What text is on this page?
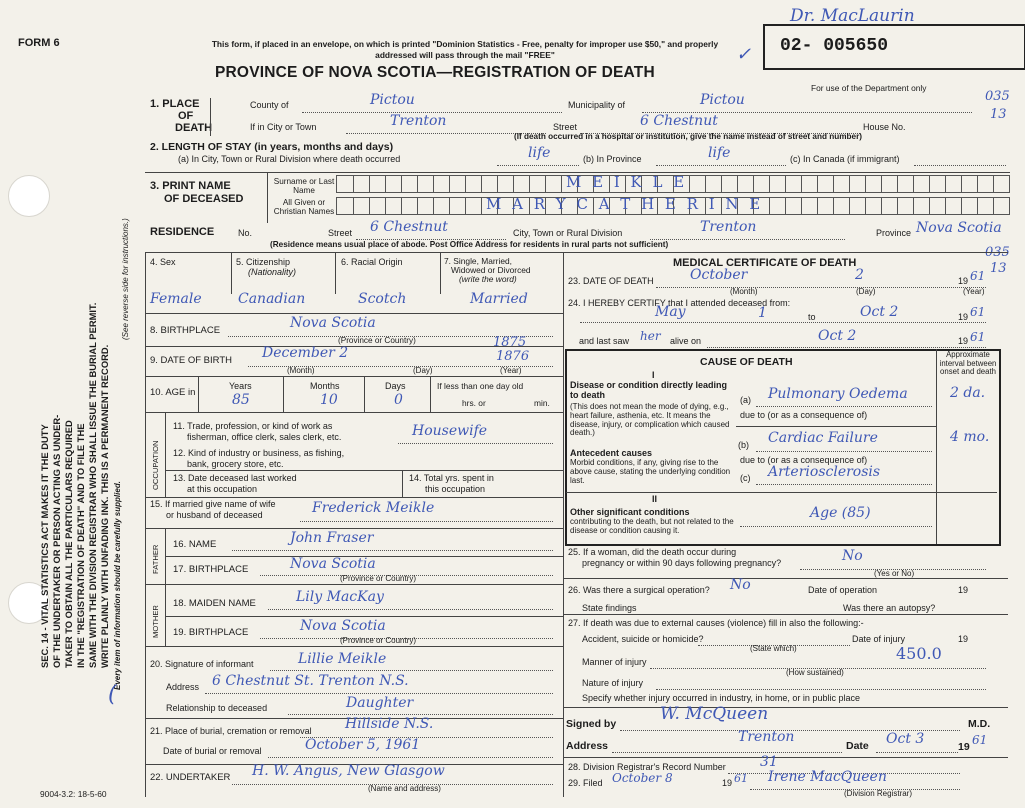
FORM 6	This form, if placed in an envelope, on which is printed "Dominion Statistics - Free, penalty for improper use $50," and properly addressed will pass through the mail "FREE"
PROVINCE OF NOVA SCOTIA—REGISTRATION OF DEATH
02- 005650
For use of the Department only
Dr. MacLaurin
035
13
035
13
✓
SEC. 14 - VITAL STATISTICS ACT MAKES IT THE DUTY OF THE UNDERTAKER OR PERSON ACTING AS UNDER- TAKER TO OBTAIN ALL THE PARTICULARS REQUIRED IN THE "REGISTRATION OF DEATH" AND TO FILE THE SAME WITH THE DIVISION REGISTRAR WHO SHALL ISSUE THE BURIAL PERMIT. WRITE PLAINLY WITH UNFADING INK. THIS IS A PERMANENT RECORD. Every item of information should be carefully supplied.
(See reverse side for instructions.)
(
1. PLACE
OF
DEATH
County of	Pictou	Municipality of	Pictou
If in City or Town	Trenton	Street	6 Chestnut	House No.
(If death occurred in a hospital or institution, give the name instead of street and number)
2. LENGTH OF STAY (in years, months and days)
(a) In City, Town or Rural Division where death occurred	life	(b) In Province	life	(c) In Canada (if immigrant)
3. PRINT NAME
OF DECEASED
Surname or Last Name
All Given or Christian Names
M E I K L E
M A R Y C A T H E R I N E
RESIDENCE	No.	Street 6 Chestnut	City, Town or Rural Division	Trenton	Province Nova Scotia
(Residence means usual place of abode. Post Office Address for residents in rural parts not sufficient)
4. Sex	5. Citizenship
(Nationality)
6. Racial Origin	7. Single, Married,
Widowed or Divorced
(write the word)
Female	Canadian	Scotch	Married
8. BIRTHPLACE	Nova Scotia
(Province or Country)
9. DATE OF BIRTH December 2
1875
1876
(Month)	(Day)	(Year)
10. AGE in
Years	Months	Days	If less than one day old
85	10	0	hrs. or	min.
OCCUPATION
11. Trade, profession, or kind of work as
fisherman, office clerk, sales clerk, etc.	Housewife
12. Kind of industry or business, as fishing,
bank, grocery store, etc.
13. Date deceased last worked
at this occupation
14. Total yrs. spent in
this occupation
15. If married give name of wife
or husband of deceased	Frederick Meikle
FATHER
16. NAME	John Fraser
17. BIRTHPLACE	Nova Scotia
(Province or Country)
MOTHER
18. MAIDEN NAME	Lily MacKay
19. BIRTHPLACE	Nova Scotia
(Province or Country)
20. Signature of informant	Lillie Meikle
Address 6 Chestnut St. Trenton N.S.
Relationship to deceased	Daughter
21. Place of burial, cremation or removal Hillside N.S.
Date of burial or removal	October 5, 1961
22. UNDERTAKER H. W. Angus, New Glasgow
(Name and address)
9004-3.2: 18-5-60
MEDICAL CERTIFICATE OF DEATH
23. DATE OF DEATH	October	2	19 61
(Month)	(Day)	(Year)
24. I HEREBY CERTIFY that I attended deceased from:
May	1	to	Oct 2	19 61
and last saw her alive on	Oct 2	19 61
CAUSE OF DEATH
Approximate interval between onset and death
I
Disease or condition directly leading to death
(This does not mean the mode of dying, e.g., heart failure, asthenia, etc. It means the disease, injury, or complication which caused death.)
(a) Pulmonary Oedema	2 da.
due to (or as a consequence of)
Antecedent causes
Morbid conditions, if any, giving rise to the above cause, stating the underlying condition last.
(b) Cardiac Failure	4 mo.
due to (or as a consequence of)
(c) Arteriosclerosis
II
Other significant conditions
contributing to the death, but not related to the disease or condition causing it.
Age (85)
25. If a woman, did the death occur during
pregnancy or within 90 days following pregnancy?	No
(Yes or No)
26. Was there a surgical operation? No	Date of operation	19
State findings	Was there an autopsy?
27. If death was due to external causes (violence) fill in also the following:-
Accident, suicide or homicide?
(State which)
Date of injury	19
Manner of injury	450.0
(How sustained)
Nature of injury
Specify whether injury occurred in industry, in home, or in public place
Signed by	W. McQueen	M.D.
Address
Trenton
Date Oct 3	19 61
28. Division Registrar's Record Number 31
29. Filed October 8	19 61 Irene MacQueen
(Division Registrar)
